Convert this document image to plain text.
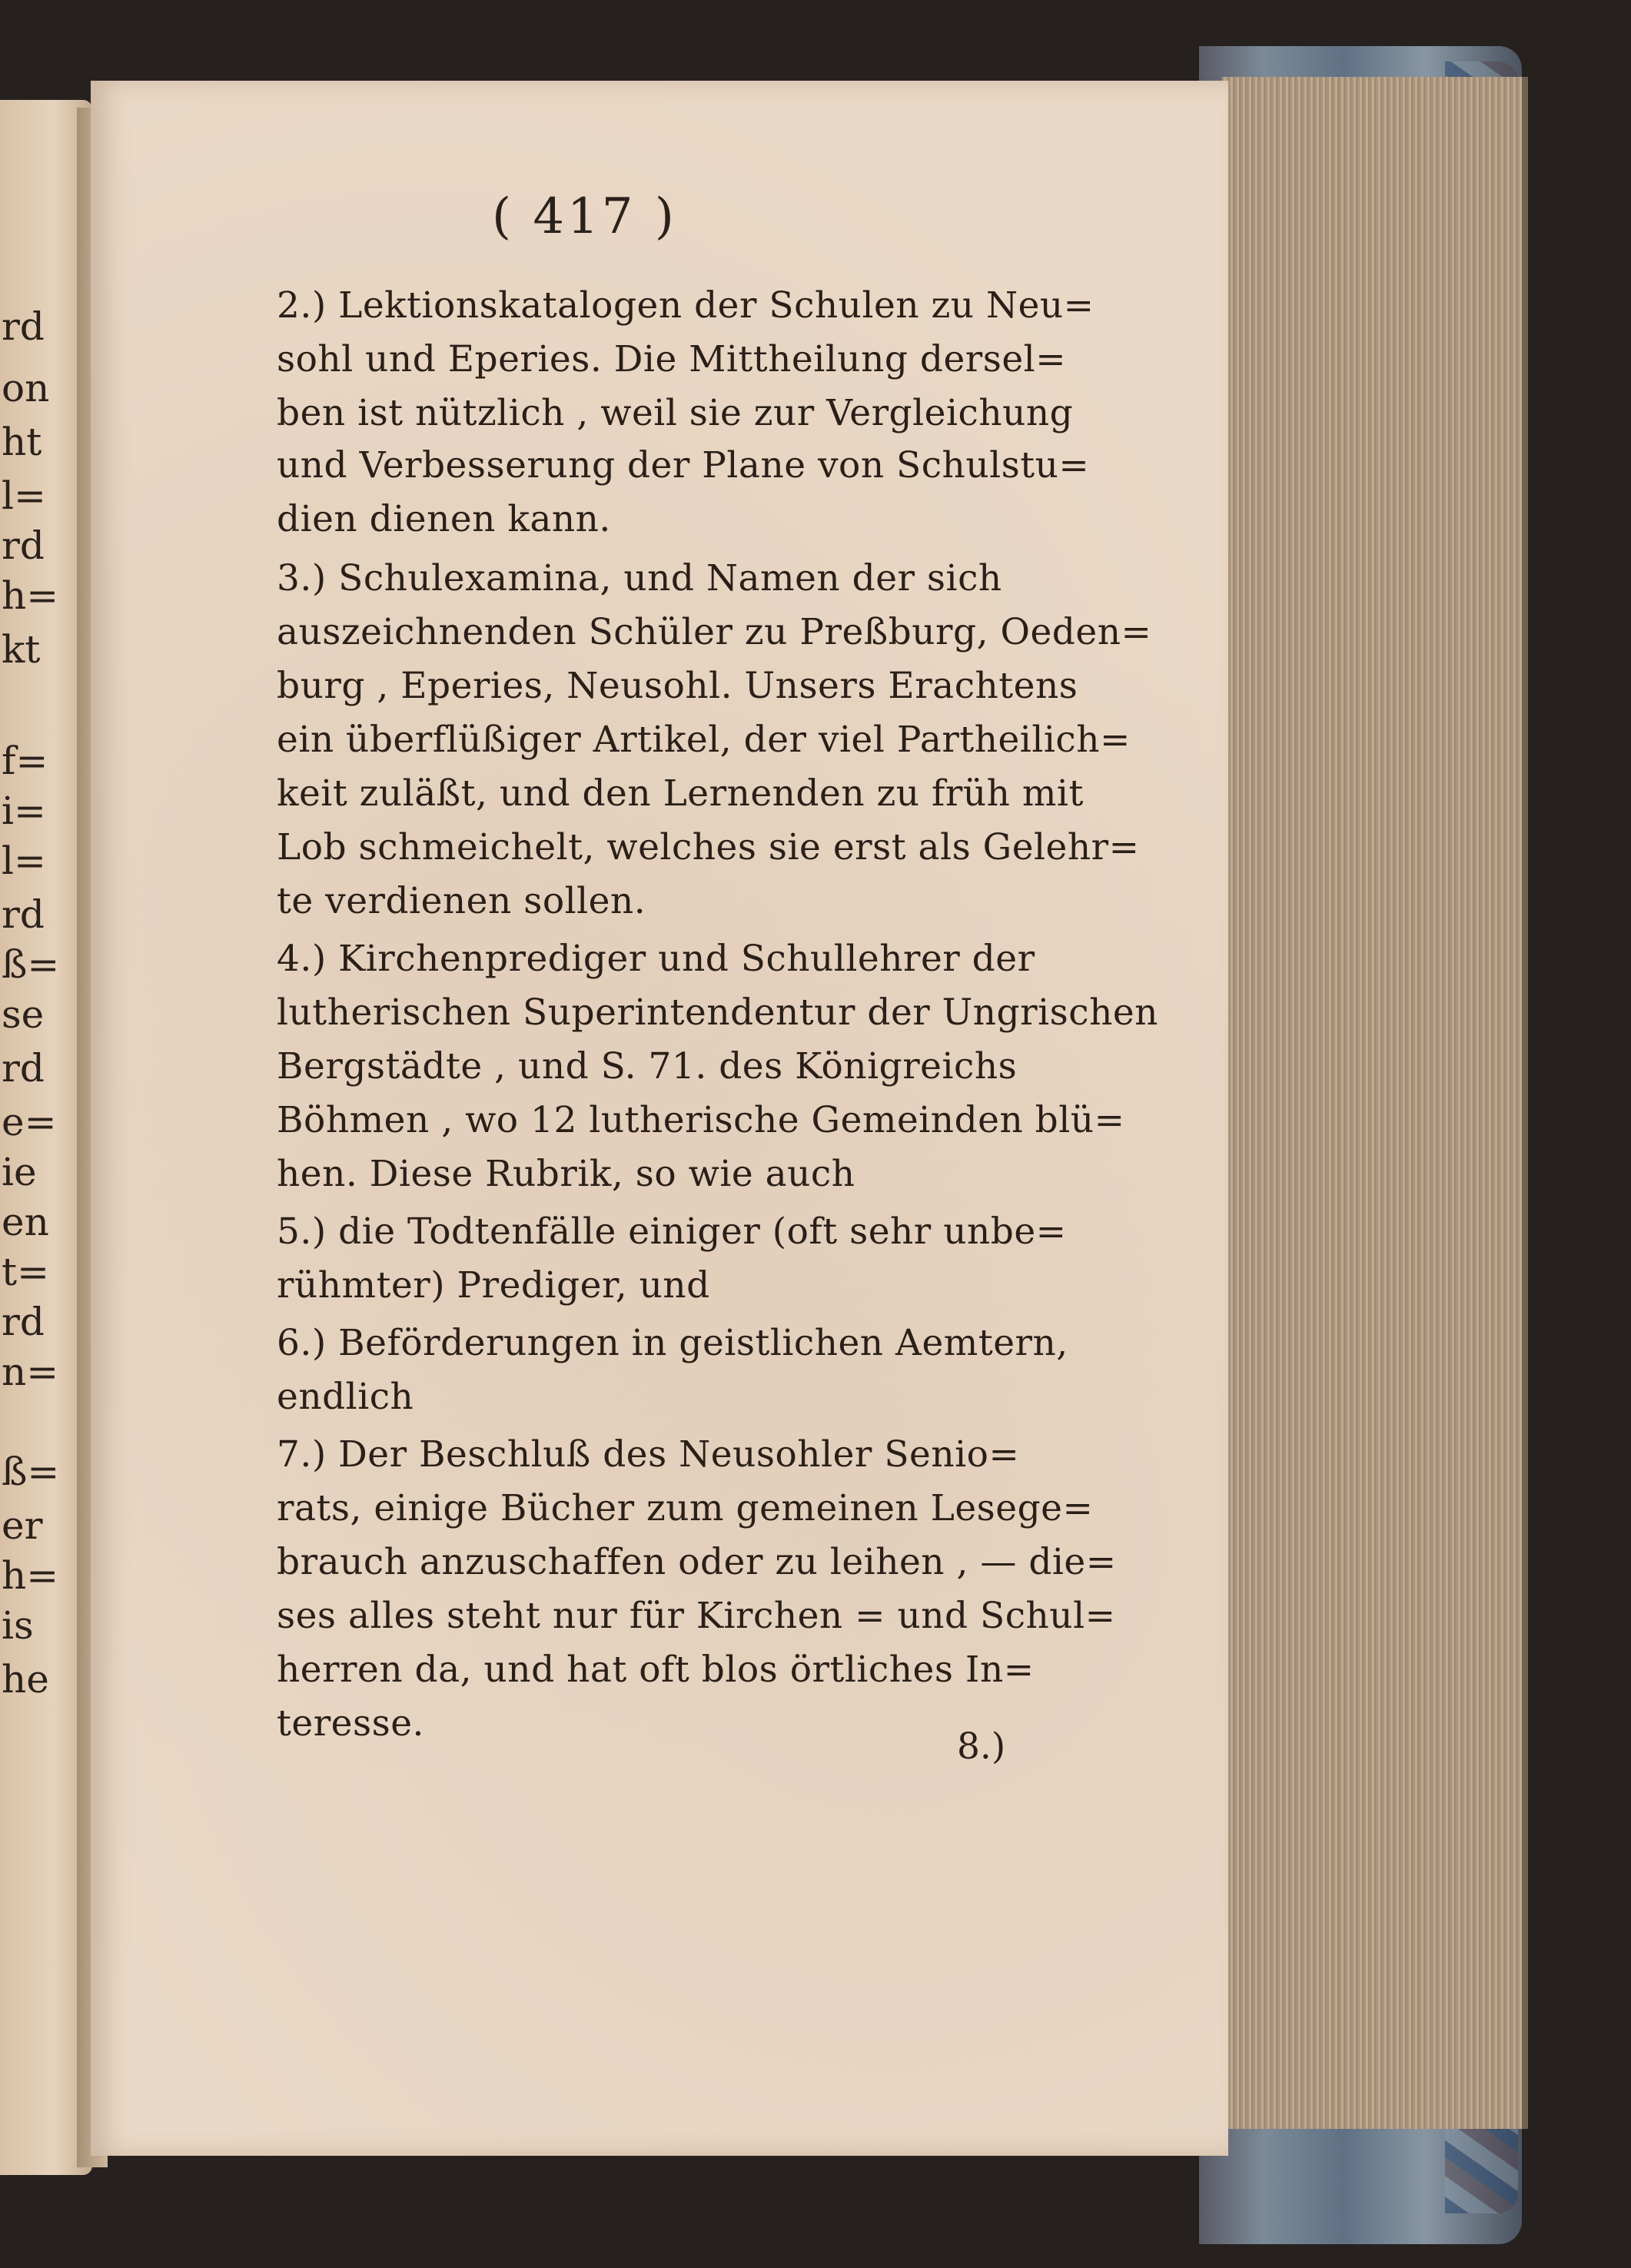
rd
on
ht
l=
rd
h=
kt
f=
i=
l=
rd
ß=
se
rd
e=
ie
en
t=
rd
n=
ß=
er
h=
is
he
( 417 )
2.) Lektionskatalogen der Schulen zu Neu=
sohl und Eperies. Die Mittheilung dersel=
ben ist nützlich , weil sie zur Vergleichung
und Verbesserung der Plane von Schulstu=
dien dienen kann.
3.) Schulexamina, und Namen der sich
auszeichnenden Schüler zu Preßburg, Oeden=
burg , Eperies, Neusohl. Unsers Erachtens
ein überflüßiger Artikel, der viel Partheilich=
keit zuläßt, und den Lernenden zu früh mit
Lob schmeichelt, welches sie erst als Gelehr=
te verdienen sollen.
4.) Kirchenprediger und Schullehrer der
lutherischen Superintendentur der Ungrischen
Bergstädte , und S. 71. des Königreichs
Böhmen , wo 12 lutherische Gemeinden blü=
hen. Diese Rubrik, so wie auch
5.) die Todtenfälle einiger (oft sehr unbe=
rühmter) Prediger, und
6.) Beförderungen in geistlichen Aemtern,
endlich
7.) Der Beschluß des Neusohler Senio=
rats, einige Bücher zum gemeinen Lesege=
brauch anzuschaffen oder zu leihen , — die=
ses alles steht nur für Kirchen = und Schul=
herren da, und hat oft blos örtliches In=
teresse.
8.)
